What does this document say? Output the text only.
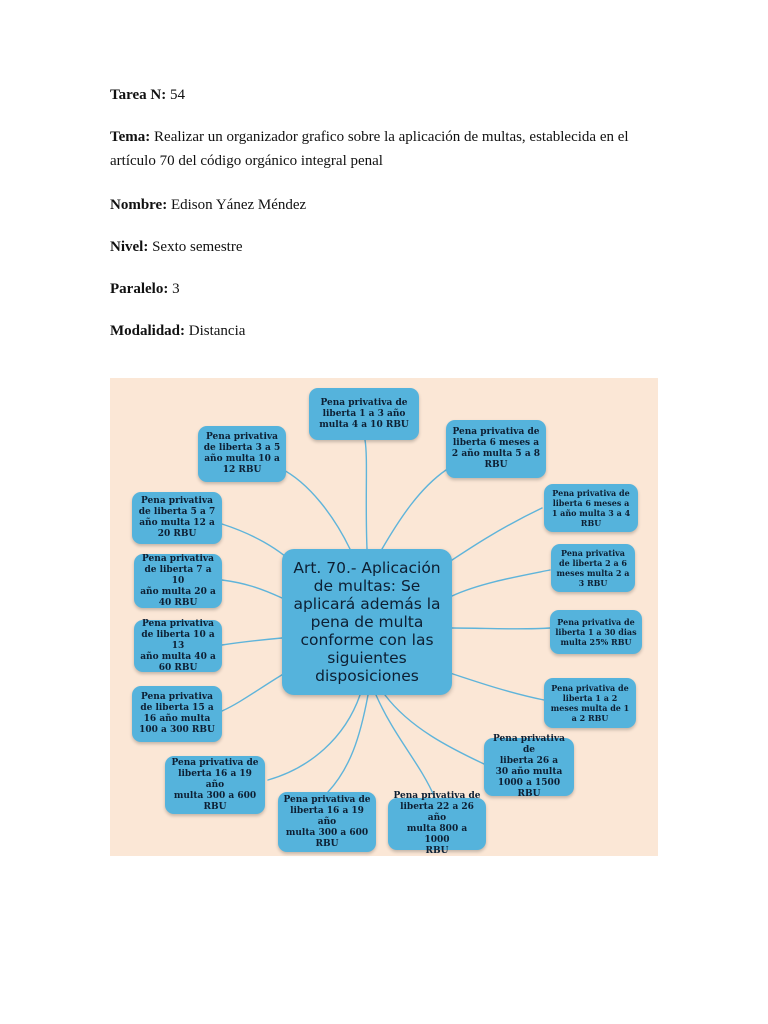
Tarea N: 54
Tema: Realizar un organizador grafico sobre la aplicación de multas, establecida en el artículo 70 del código orgánico integral penal
Nombre: Edison Yánez Méndez
Nivel: Sexto semestre
Paralelo: 3
Modalidad: Distancia
Art. 70.- Aplicación
de multas: Se
aplicará además la
pena de multa
conforme con las
siguientes
disposiciones
Pena privativa de
liberta 1 a 3 año
multa 4 a 10 RBU
Pena privativa
de liberta 3 a 5
año multa 10 a
12 RBU
Pena privativa de
liberta 6 meses a
2 año multa 5 a 8
RBU
Pena privativa
de liberta 5 a 7
año multa 12 a
20 RBU
Pena privativa de
liberta 6 meses a
1 año multa 3 a 4
RBU
Pena privativa
de liberta 7 a 10
año multa 20 a
40 RBU
Pena privativa
de liberta 2 a 6
meses multa 2 a
3 RBU
Pena privativa de
liberta 1 a 30 dias
multa 25% RBU
Pena privativa
de liberta 10 a 13
año multa 40 a
60 RBU
Pena privativa
de liberta 15 a
16 año multa
100 a 300 RBU
Pena privativa de
liberta 1 a 2
meses multa de 1
a 2 RBU
Pena privativa de
liberta 16 a 19 año
multa 300 a 600
RBU
Pena privativa de
liberta 26 a
30 año multa
1000 a 1500 RBU
Pena privativa de
liberta 16 a 19 año
multa 300 a 600
RBU
Pena privativa de
liberta 22 a 26 año
multa 800 a 1000
RBU
